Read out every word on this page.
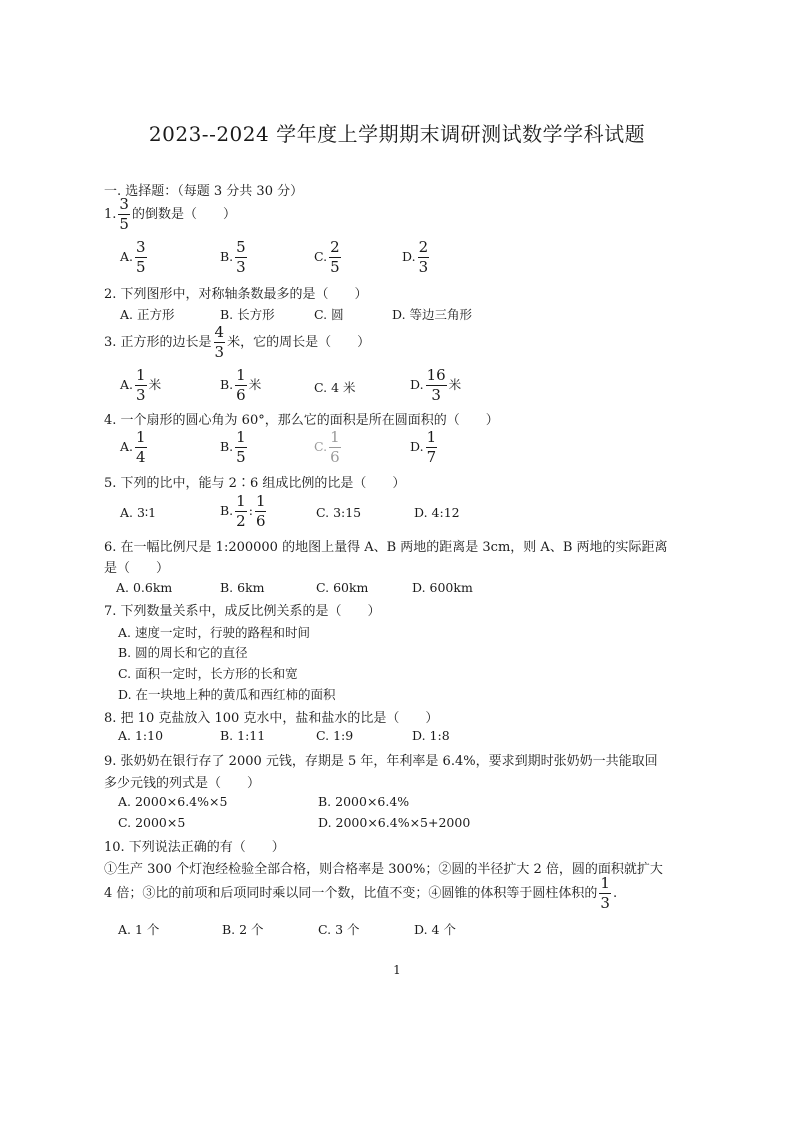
2023--2024 学年度上学期期末调研测试数学学科试题
一. 选择题：（每题 3 分共 30 分）
1. $\frac{3}{5}$ 的倒数是（　　）
A. $\frac{3}{5}$	B. $\frac{5}{3}$	C. $\frac{2}{5}$	D. $\frac{2}{3}$
2. 下列图形中，对称轴条数最多的是（　　）
A. 正方形	B. 长方形	C. 圆	D. 等边三角形
3. 正方形的边长是 $\frac{4}{3}$ 米，它的周长是（　　）
A. $\frac{1}{3}$ 米	B. $\frac{1}{6}$ 米	C. 4 米	D. $\frac{16}{3}$ 米
4. 一个扇形的圆心角为 60°，那么它的面积是所在圆面积的（　　）
A. $\frac{1}{4}$	B. $\frac{1}{5}$	C. $\frac{1}{6}$	D. $\frac{1}{7}$
5. 下列的比中，能与 2∶6 组成比例的比是（　　）
A. 3∶1	B. $\frac{1}{2}$ : $\frac{1}{6}$	C. 3:15	D. 4:12
6. 在一幅比例尺是 1:200000 的地图上量得 A、B 两地的距离是 3cm，则 A、B 两地的实际距离
是（　　）
A. 0.6km	B. 6km	C. 60km	D. 600km
7. 下列数量关系中，成反比例关系的是（　　）
A. 速度一定时，行驶的路程和时间
B. 圆的周长和它的直径
C. 面积一定时，长方形的长和宽
D. 在一块地上种的黄瓜和西红柿的面积
8. 把 10 克盐放入 100 克水中，盐和盐水的比是（　　）
A. 1:10	B. 1:11	C. 1:9	D. 1:8
9. 张奶奶在银行存了 2000 元钱，存期是 5 年，年利率是 6.4%，要求到期时张奶奶一共能取回
多少元钱的列式是（　　）
A. 2000×6.4%×5	B. 2000×6.4%
C. 2000×5	D. 2000×6.4%×5+2000
10. 下列说法正确的有（　　）
①生产 300 个灯泡经检验全部合格，则合格率是 300%；②圆的半径扩大 2 倍，圆的面积就扩大
4 倍；③比的前项和后项同时乘以同一个数，比值不变；④圆锥的体积等于圆柱体积的 $\frac{1}{3}$ .
A. 1 个	B. 2 个	C. 3 个	D. 4 个
1
